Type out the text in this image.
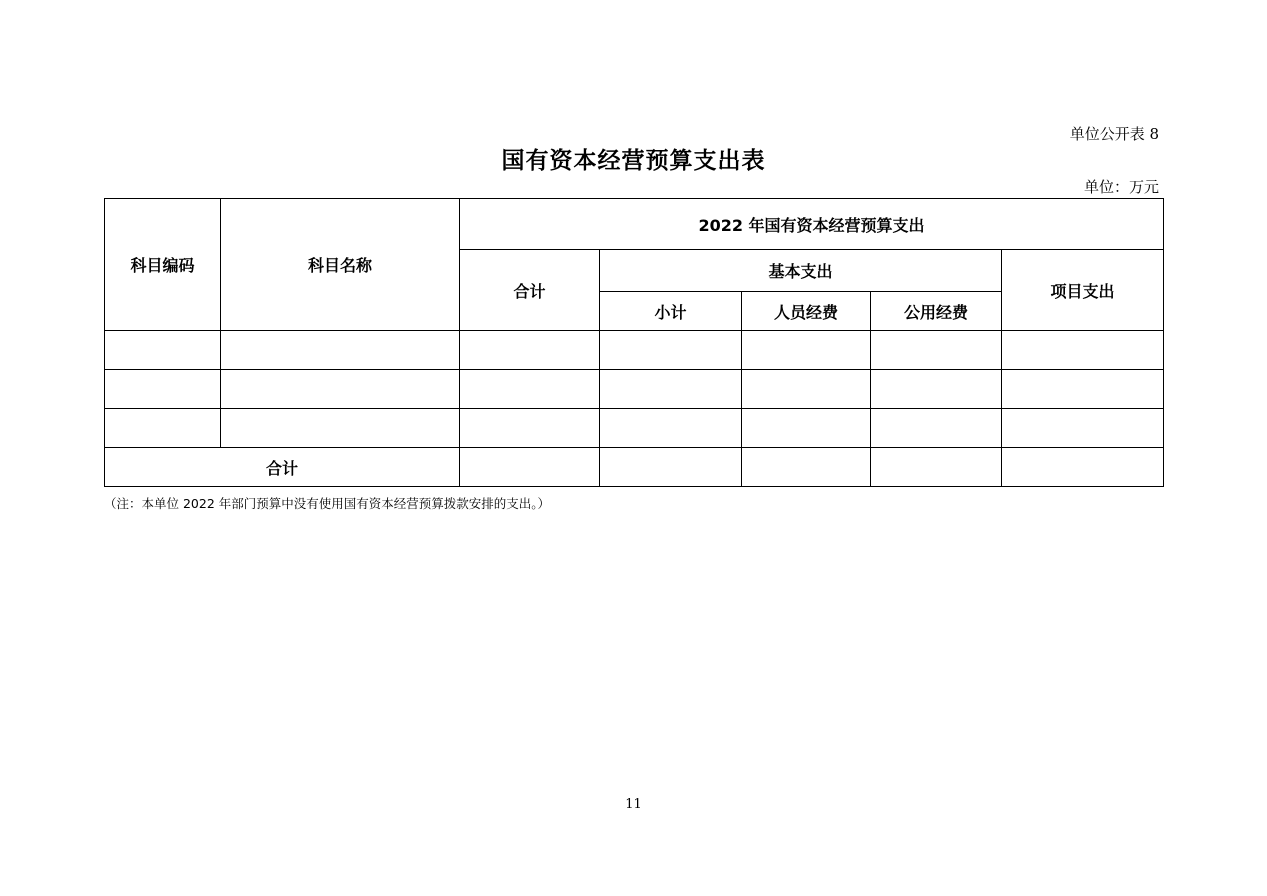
单位公开表 8
国有资本经营预算支出表
单位：万元
科目编码	科目名称	2022 年国有资本经营预算支出				
		合计	基本支出			项目支出
			小计	人员经费	公用经费	

合计						
（注：本单位 2022 年部门预算中没有使用国有资本经营预算拨款安排的支出。）
11
